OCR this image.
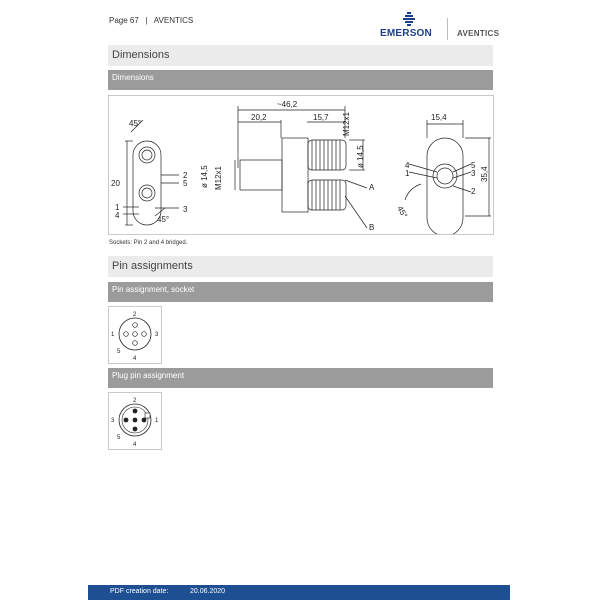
Page 67 | AVENTICS
EMERSON	AVENTICS
Dimensions
Dimensions
45°
45°
20
2
5
1
4
3
~46,2
20,2	15,7 M12x1
ø 14,5
ø 14,5 M12x1	A
B
15,4
35,4
4
1
5
3
2
45°
Sockets: Pin 2 and 4 bridged.
Pin assignments
Pin assignment, socket
2
1	3
5
4
Plug pin assignment
2
3	1
5
4
PDF creation date:	20.06.2020
